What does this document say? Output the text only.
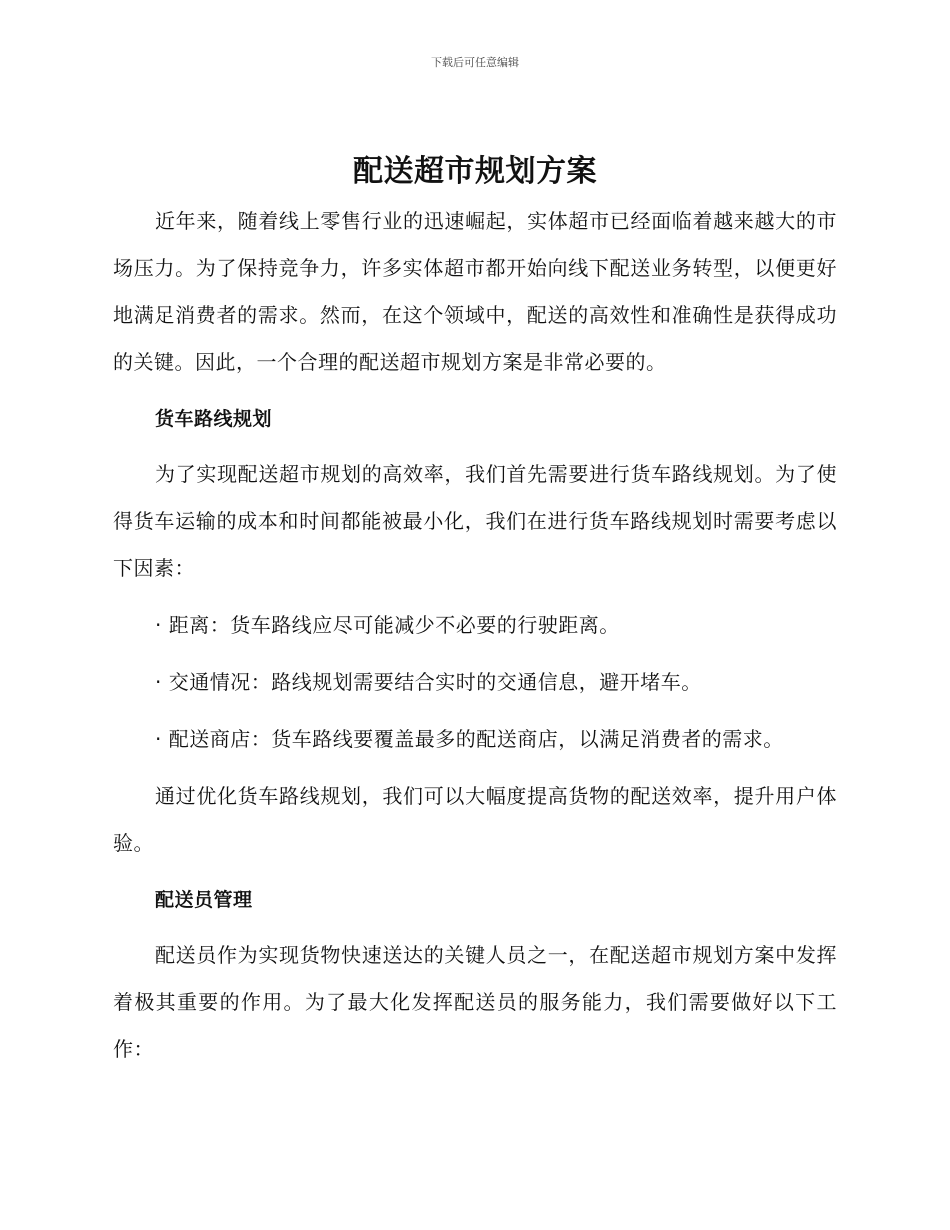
下载后可任意编辑
配送超市规划方案

近年来，随着线上零售行业的迅速崛起，实体超市已经面临着越来越大的市场压力。为了保持竞争力，许多实体超市都开始向线下配送业务转型，以便更好地满足消费者的需求。然而，在这个领域中，配送的高效性和准确性是获得成功的关键。因此，一个合理的配送超市规划方案是非常必要的。

货车路线规划

为了实现配送超市规划的高效率，我们首先需要进行货车路线规划。为了使得货车运输的成本和时间都能被最小化，我们在进行货车路线规划时需要考虑以下因素：

· 距离：货车路线应尽可能减少不必要的行驶距离。

· 交通情况：路线规划需要结合实时的交通信息，避开堵车。

· 配送商店：货车路线要覆盖最多的配送商店，以满足消费者的需求。

通过优化货车路线规划，我们可以大幅度提高货物的配送效率，提升用户体验。

配送员管理

配送员作为实现货物快速送达的关键人员之一，在配送超市规划方案中发挥着极其重要的作用。为了最大化发挥配送员的服务能力，我们需要做好以下工作：
